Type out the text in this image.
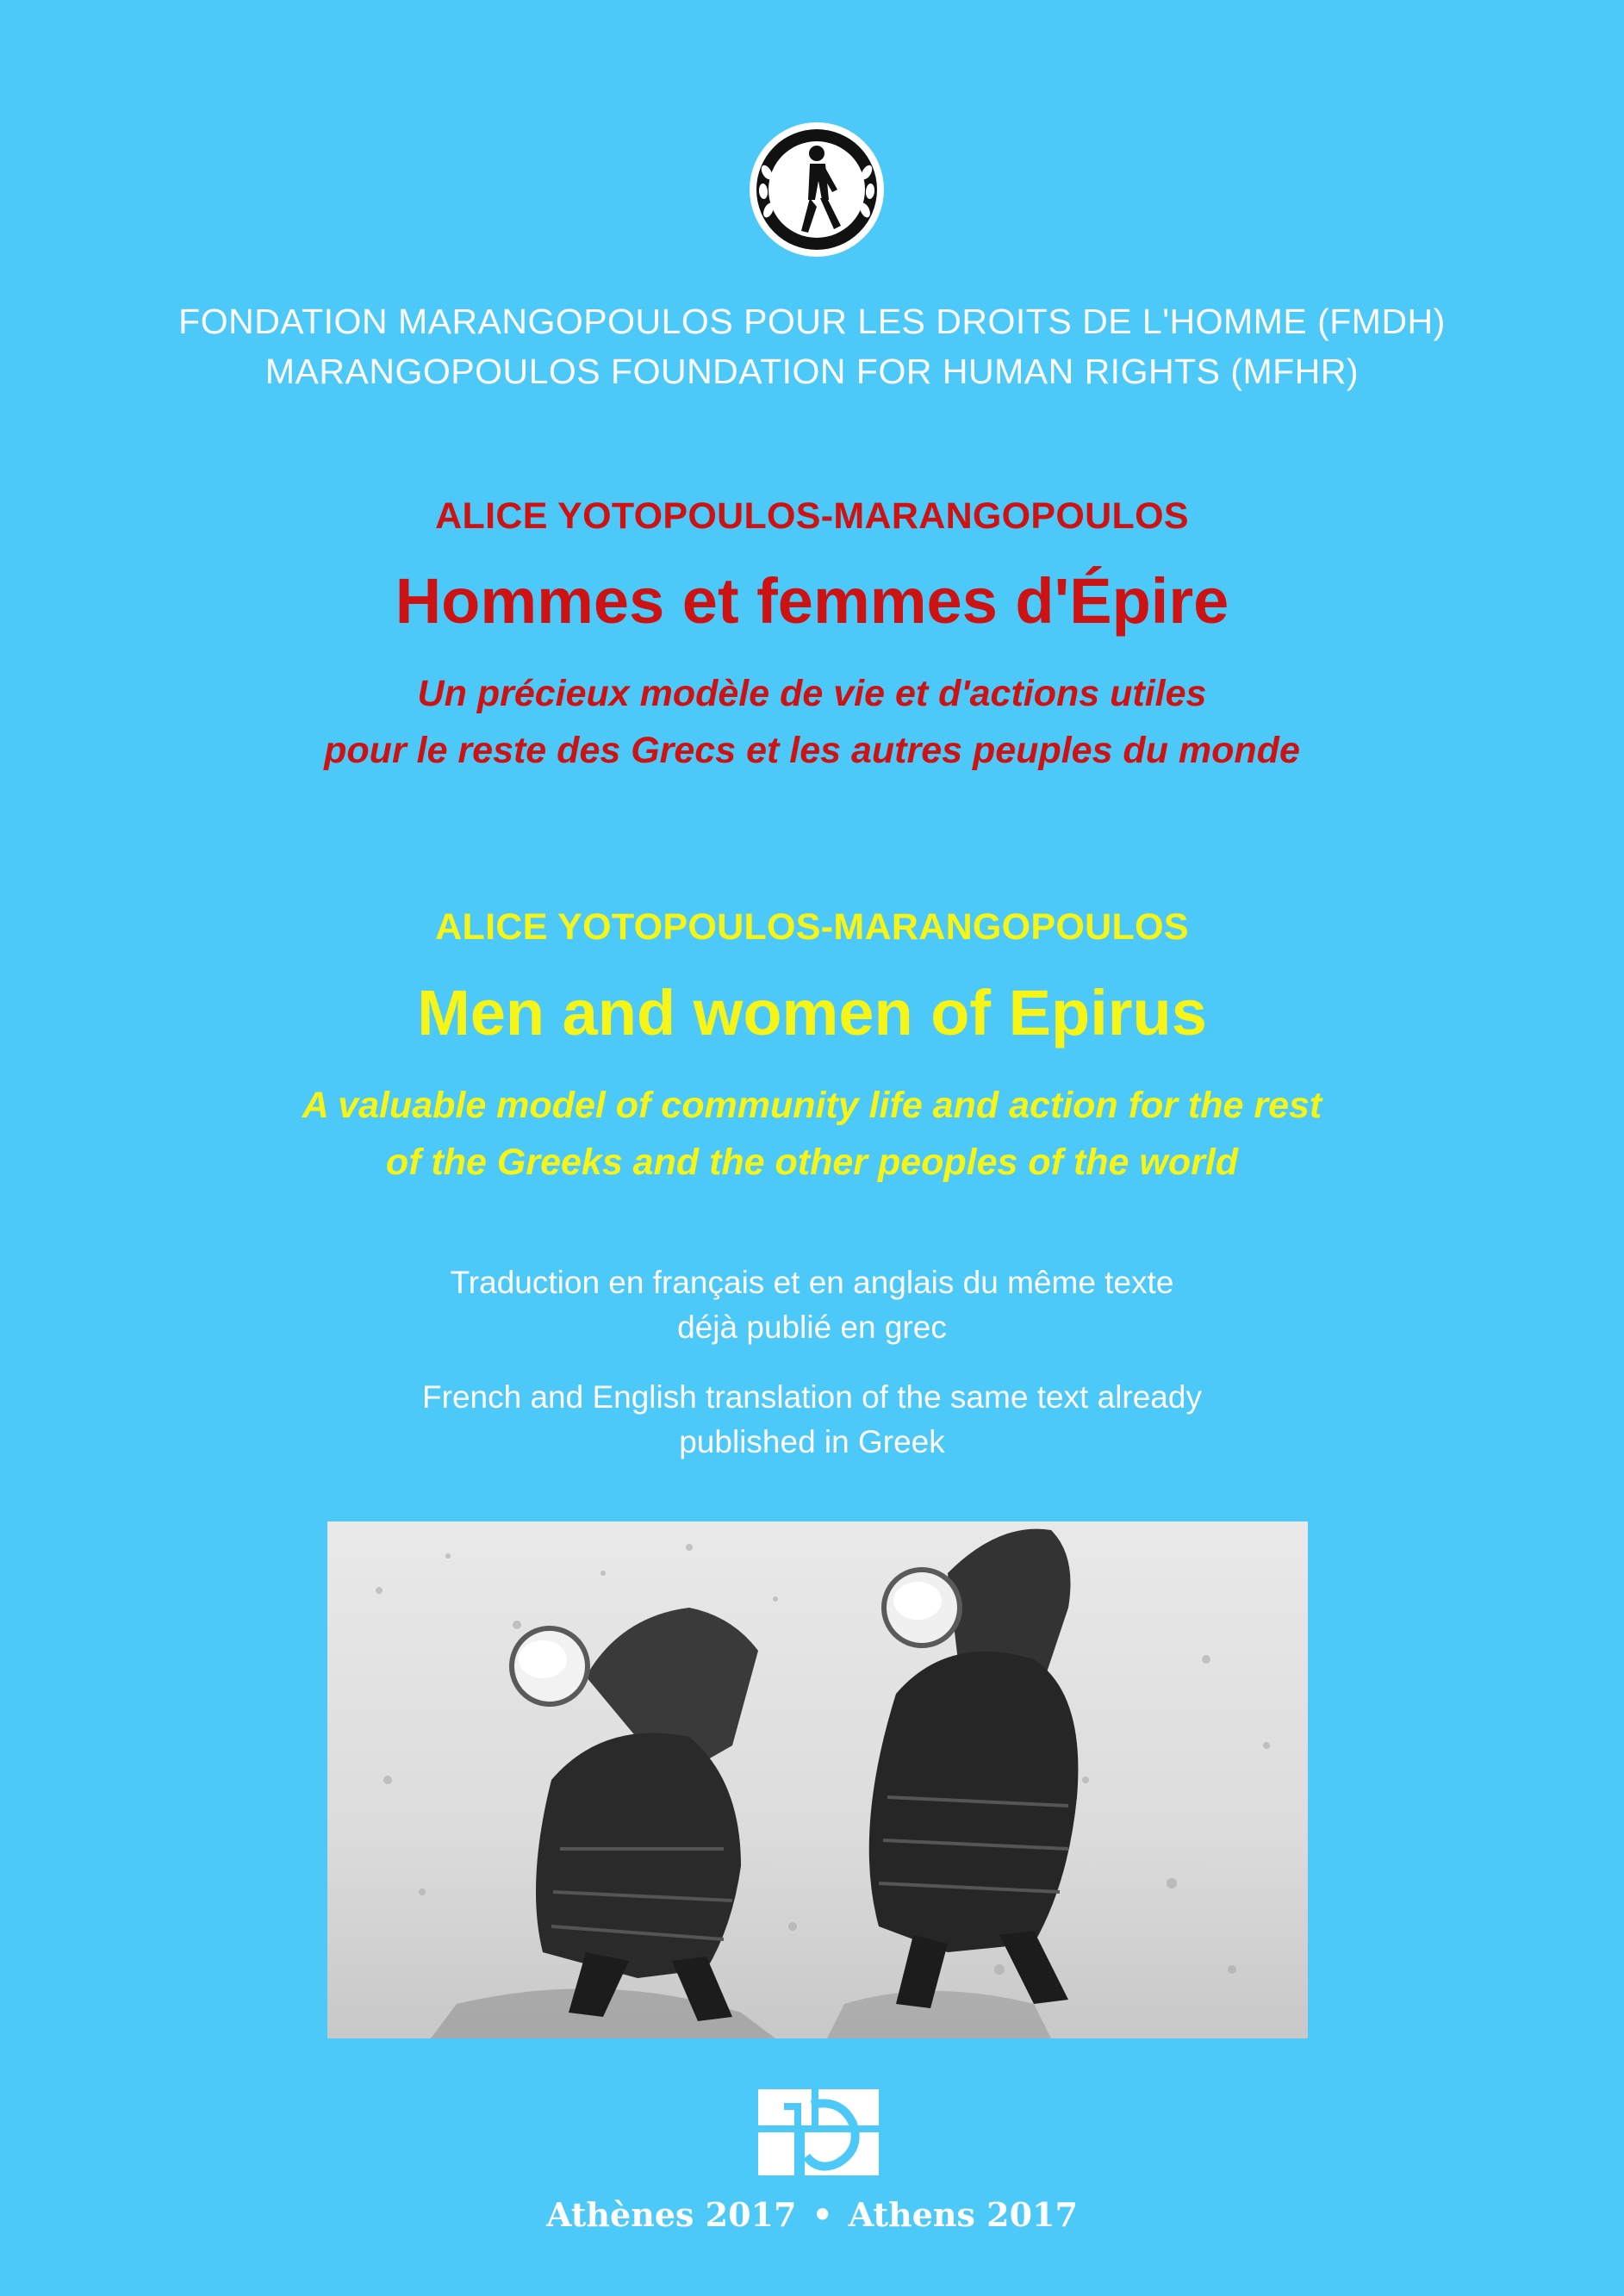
FONDATION MARANGOPOULOS POUR LES DROITS DE L'HOMME (FMDH)
MARANGOPOULOS FOUNDATION FOR HUMAN RIGHTS (MFHR)
ALICE YOTOPOULOS-MARANGOPOULOS
Hommes et femmes d'Épire
Un précieux modèle de vie et d'actions utiles
pour le reste des Grecs et les autres peuples du monde
ALICE YOTOPOULOS-MARANGOPOULOS
Men and women of Epirus
A valuable model of community life and action for the rest
of the Greeks and the other peoples of the world
Traduction en français et en anglais du même texte
déjà publié en grec
French and English translation of the same text already
published in Greek
Athènes 2017 • Athens 2017
